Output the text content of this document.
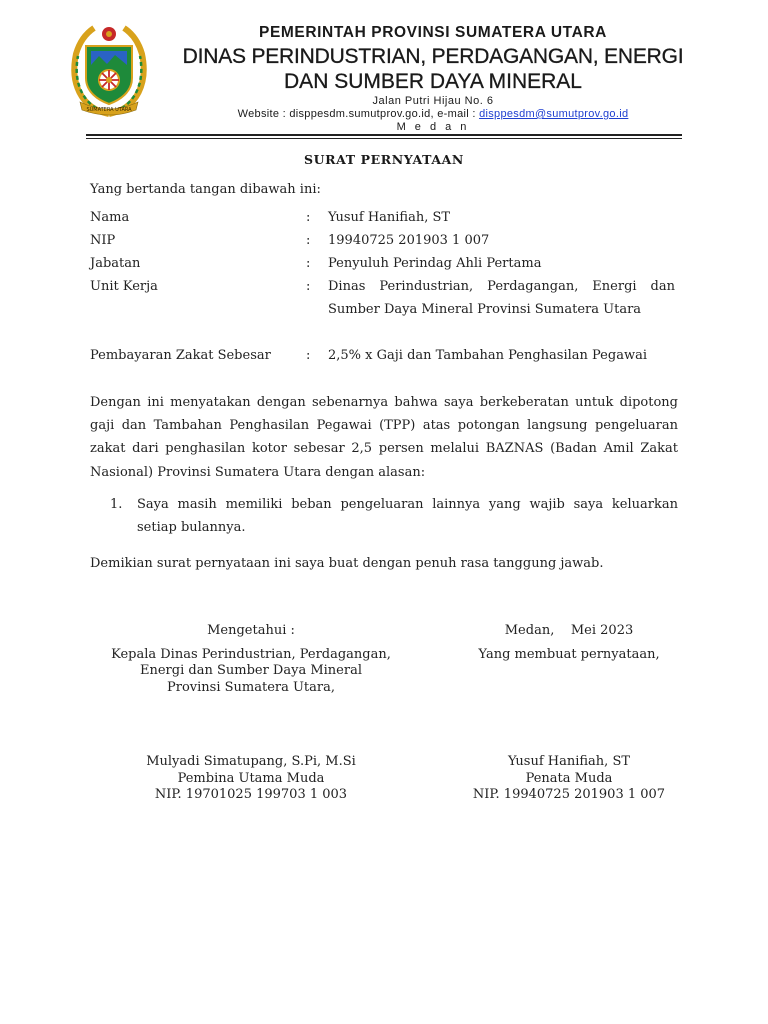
SUMATERA UTARA
PEMERINTAH PROVINSI SUMATERA UTARA
DINAS PERINDUSTRIAN, PERDAGANGAN, ENERGI
DAN SUMBER DAYA MINERAL
Jalan Putri Hijau No. 6
Website : disppesdm.sumutprov.go.id, e-mail : disppesdm@sumutprov.go.id
M e d a n
SURAT PERNYATAAN
Yang bertanda tangan dibawah ini:
Nama	: Yusuf Hanifiah, ST
NIP	: 19940725 201903 1 007
Jabatan	: Penyuluh Perindag Ahli Pertama
Unit Kerja	: Dinas Perindustrian, Perdagangan, Energi dan Sumber Daya Mineral Provinsi Sumatera Utara
Pembayaran Zakat Sebesar	: 2,5% x Gaji dan Tambahan Penghasilan Pegawai
Dengan ini menyatakan dengan sebenarnya bahwa saya berkeberatan untuk dipotong gaji dan Tambahan Penghasilan Pegawai (TPP) atas potongan langsung pengeluaran zakat dari penghasilan kotor sebesar 2,5 persen melalui BAZNAS (Badan Amil Zakat Nasional) Provinsi Sumatera Utara dengan alasan:
1. Saya masih memiliki beban pengeluaran lainnya yang wajib saya keluarkan setiap bulannya.
Demikian surat pernyataan ini saya buat dengan penuh rasa tanggung jawab.
Mengetahui :
Kepala Dinas Perindustrian, Perdagangan,
Energi dan Sumber Daya Mineral
Provinsi Sumatera Utara,
Mulyadi Simatupang, S.Pi, M.Si
Pembina Utama Muda
NIP. 19701025 199703 1 003
Medan,    Mei 2023
Yang membuat pernyataan,
Yusuf Hanifiah, ST
Penata Muda
NIP. 19940725 201903 1 007
